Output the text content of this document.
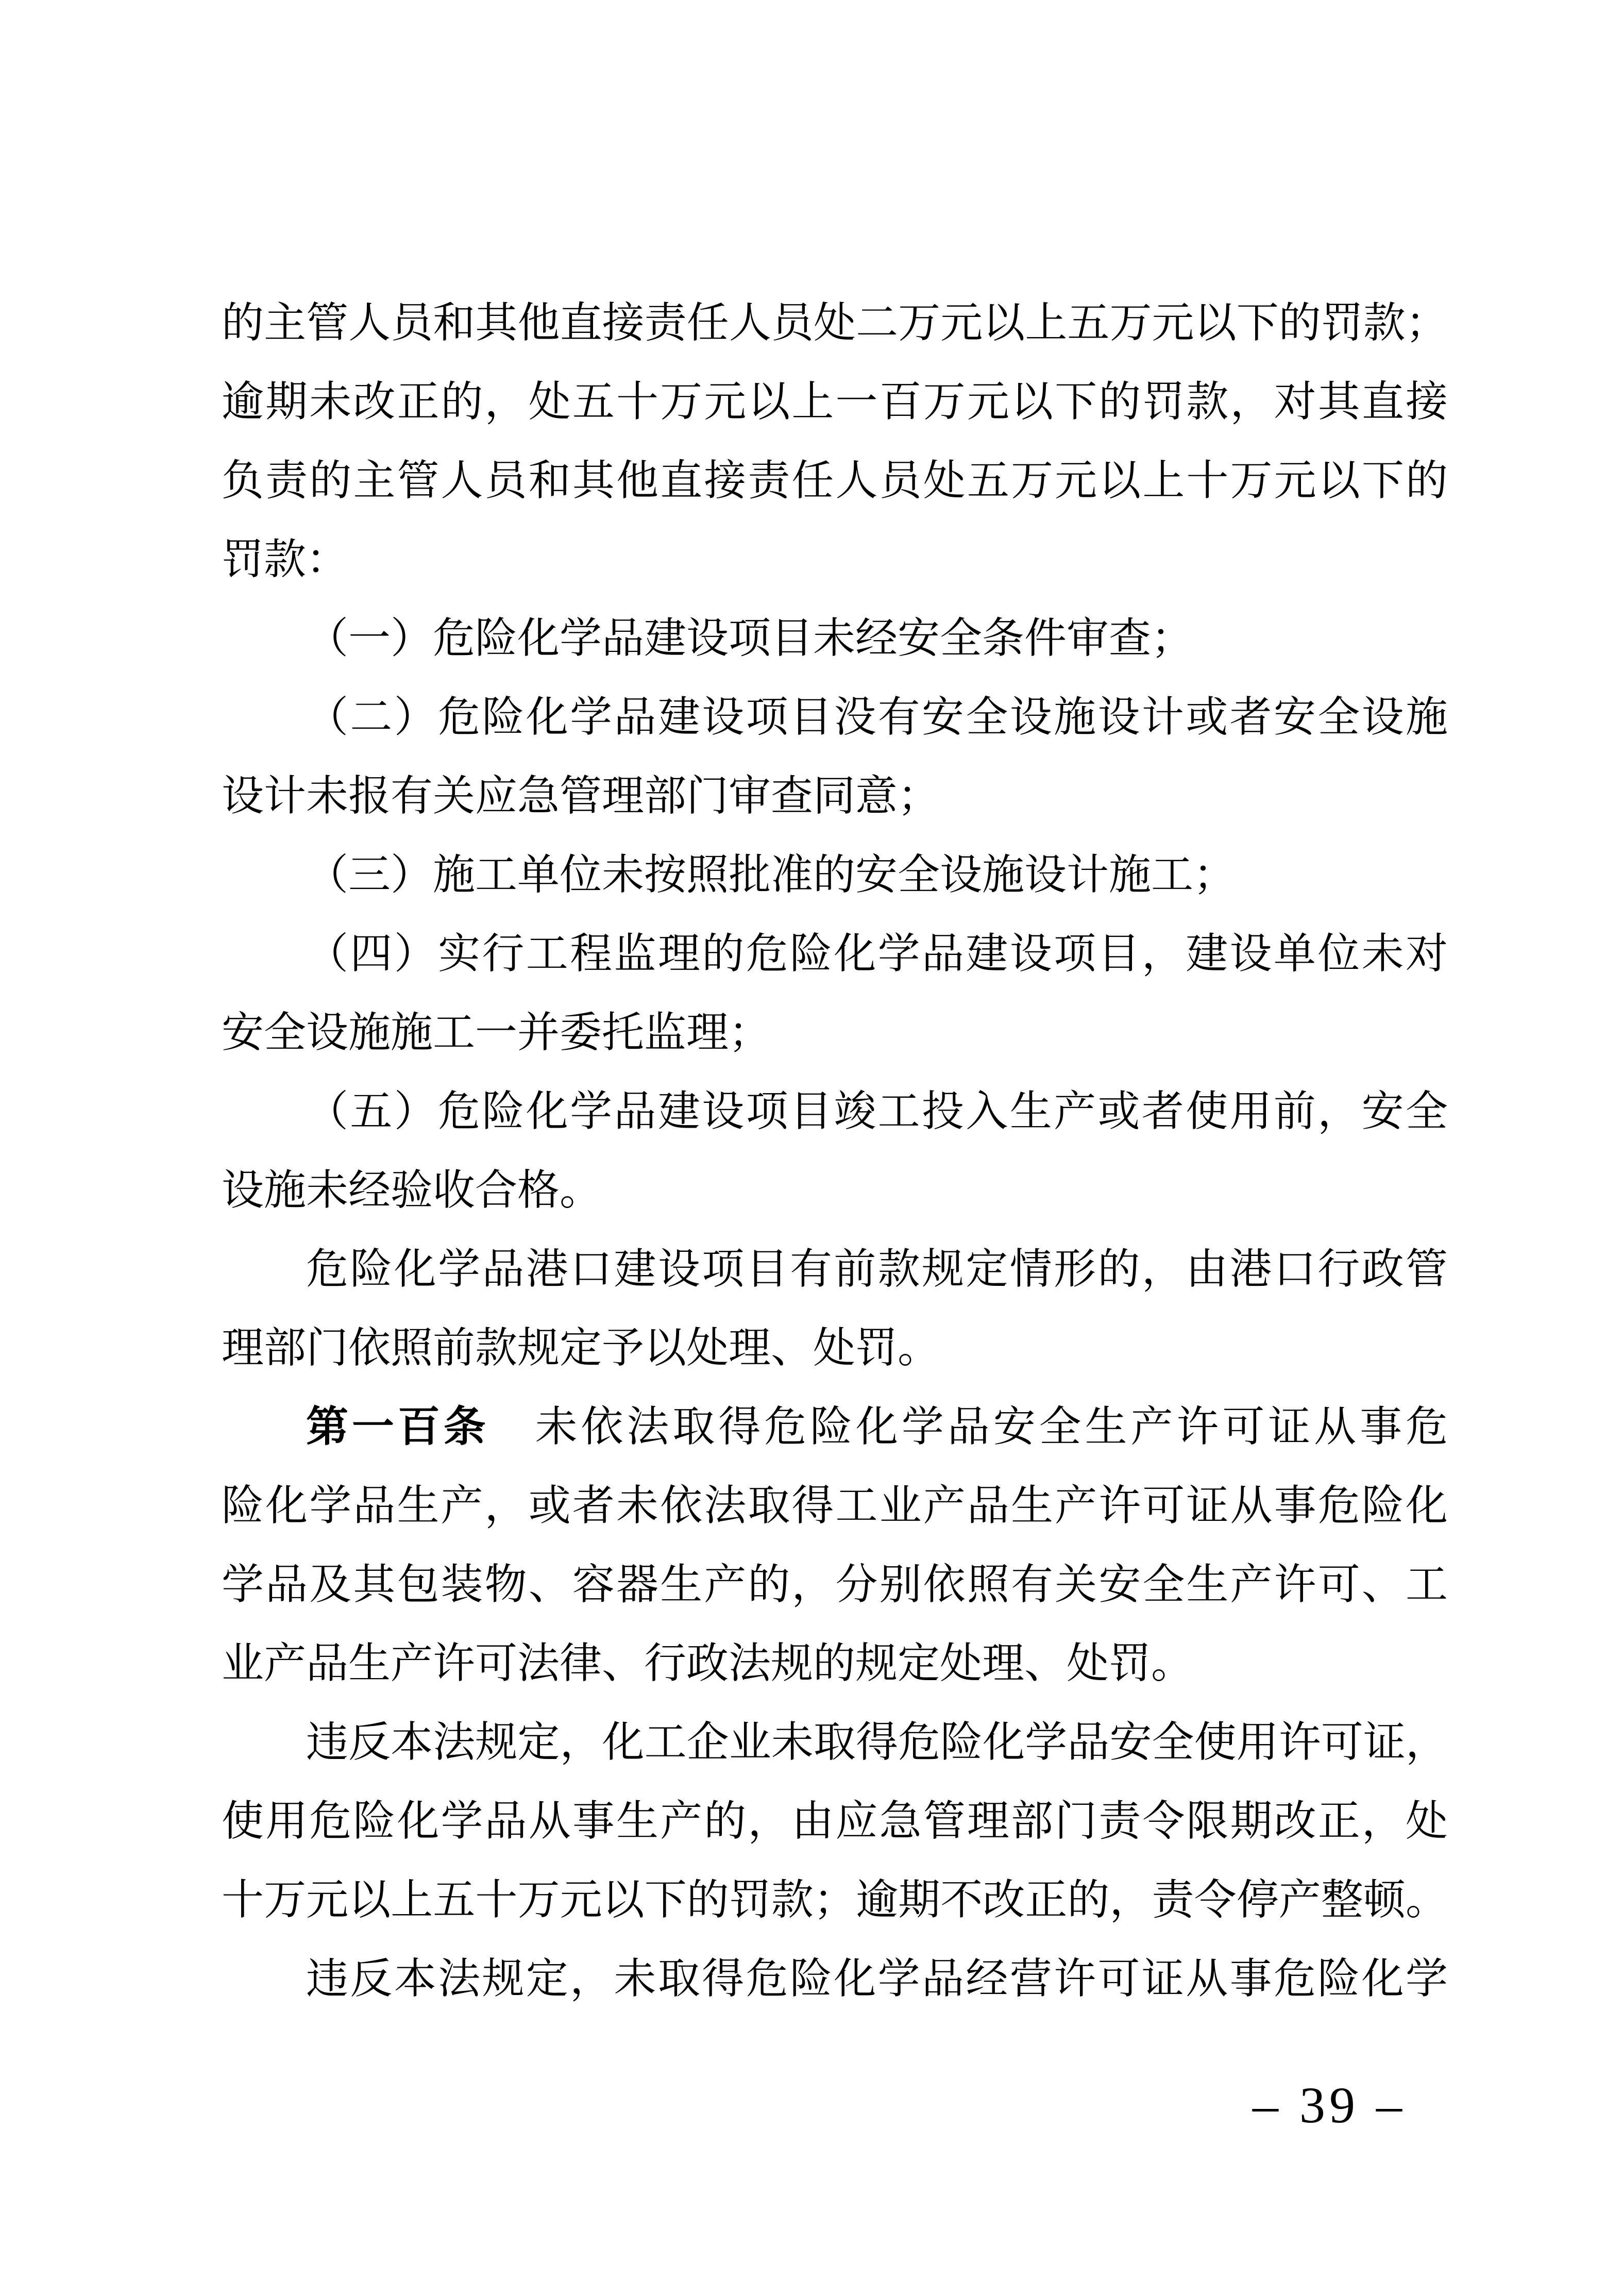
的主管人员和其他直接责任人员处二万元以上五万元以下的罚款；
逾期未改正的，处五十万元以上一百万元以下的罚款，对其直接
负责的主管人员和其他直接责任人员处五万元以上十万元以下的
罚款：
（一）危险化学品建设项目未经安全条件审查；
（二）危险化学品建设项目没有安全设施设计或者安全设施
设计未报有关应急管理部门审查同意；
（三）施工单位未按照批准的安全设施设计施工；
（四）实行工程监理的危险化学品建设项目，建设单位未对
安全设施施工一并委托监理；
（五）危险化学品建设项目竣工投入生产或者使用前，安全
设施未经验收合格。
危险化学品港口建设项目有前款规定情形的，由港口行政管
理部门依照前款规定予以处理、处罚。
第一百条　未依法取得危险化学品安全生产许可证从事危
险化学品生产，或者未依法取得工业产品生产许可证从事危险化
学品及其包装物、容器生产的，分别依照有关安全生产许可、工
业产品生产许可法律、行政法规的规定处理、处罚。
违反本法规定，化工企业未取得危险化学品安全使用许可证，
使用危险化学品从事生产的，由应急管理部门责令限期改正，处
十万元以上五十万元以下的罚款；逾期不改正的，责令停产整顿。
违反本法规定，未取得危险化学品经营许可证从事危险化学
– 39 –
